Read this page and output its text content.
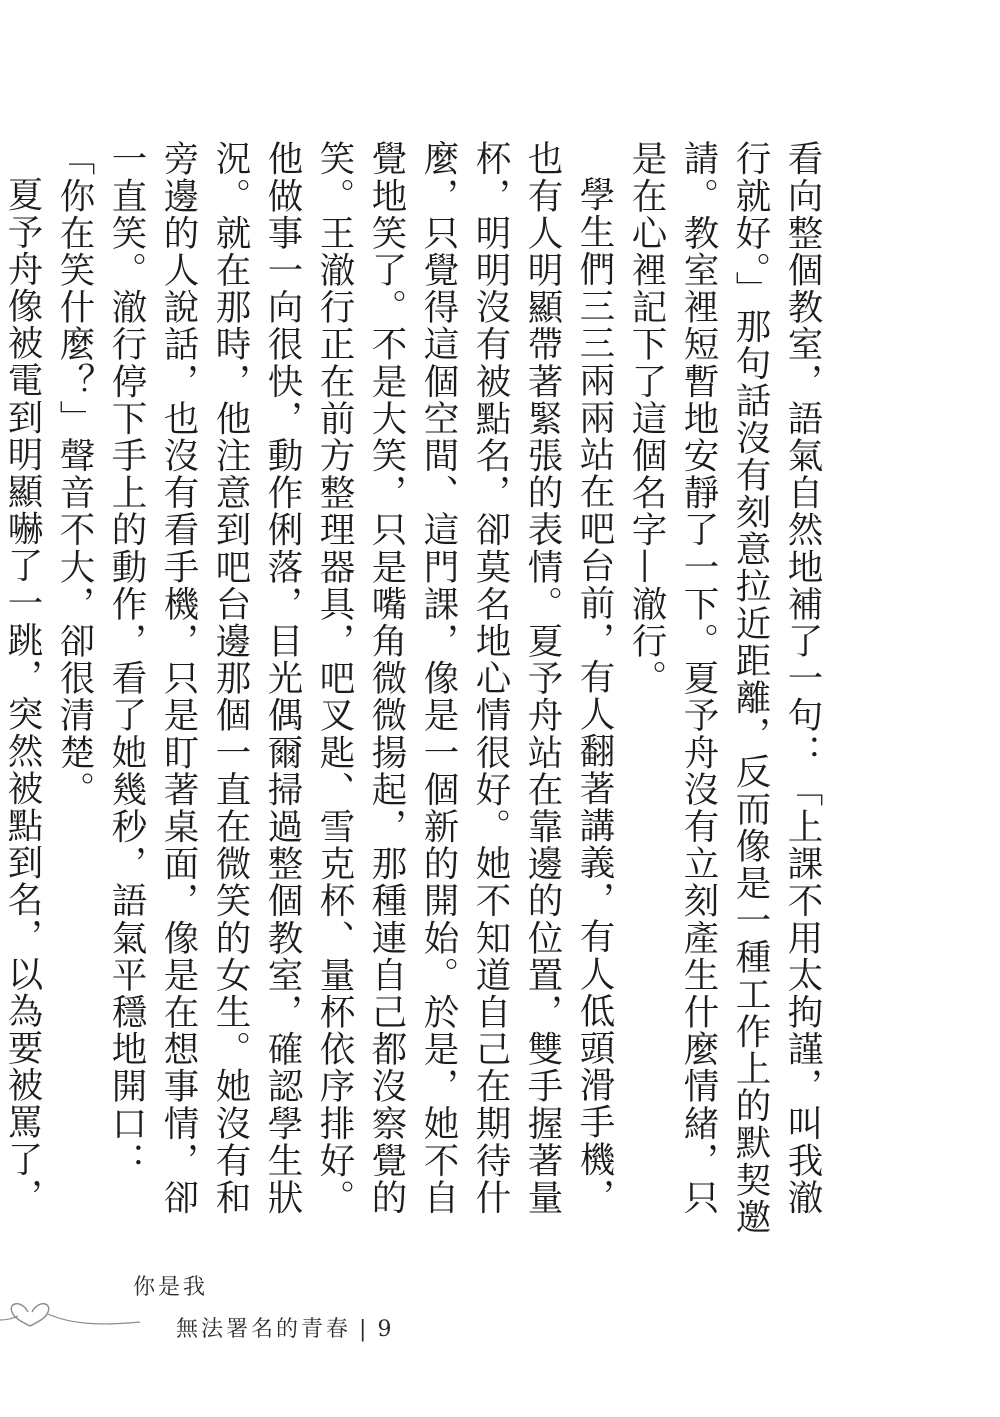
看向整個教室，語氣自然地補了一句：「上課不用太拘謹，叫我澈行就好。」那句話沒有刻意拉近距離，反而像是一種工作上的默契邀請。教室裡短暫地安靜了一下。夏予舟沒有立刻產生什麼情緒，只是在心裡記下了這個名字—澈行。

學生們三三兩兩站在吧台前，有人翻著講義，有人低頭滑手機，也有人明顯帶著緊張的表情。夏予舟站在靠邊的位置，雙手握著量杯，明明沒有被點名，卻莫名地心情很好。她不知道自己在期待什麼，只覺得這個空間、這門課，像是一個新的開始。於是，她不自覺地笑了。不是大笑，只是嘴角微微揚起，那種連自己都沒察覺的笑。王澈行正在前方整理器具，吧叉匙、雪克杯、量杯依序排好。他做事一向很快，動作俐落，目光偶爾掃過整個教室，確認學生狀況。就在那時，他注意到吧台邊那個一直在微笑的女生。她沒有和旁邊的人說話，也沒有看手機，只是盯著桌面，像是在想事情，卻一直笑。澈行停下手上的動作，看了她幾秒，語氣平穩地開口：「你在笑什麼？」聲音不大，卻很清楚。

夏予舟像被電到明顯嚇了一跳，突然被點到名，以為要被罵了，

你是我
無法署名的青春 | 9
